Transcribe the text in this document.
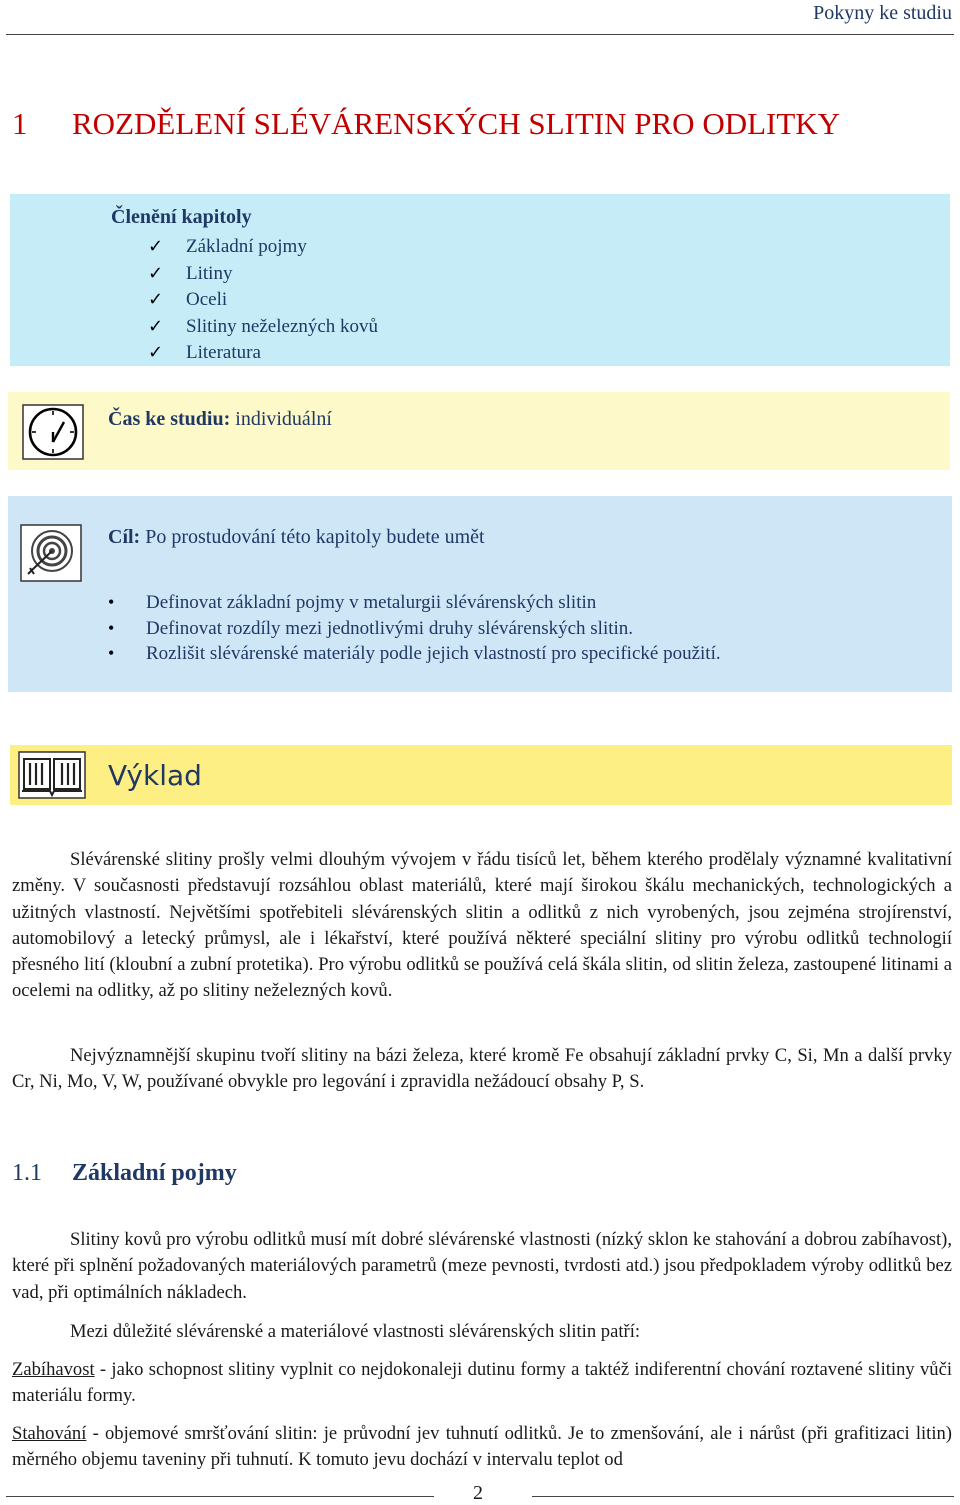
Pokyny ke studiu
1 ROZDĚLENÍ SLÉVÁRENSKÝCH SLITIN PRO ODLITKY
Členění kapitoly
✓ Základní pojmy
✓ Litiny
✓ Oceli
✓ Slitiny neželezných kovů
✓ Literatura
Čas ke studiu: individuální
Cíl: Po prostudování této kapitoly budete umět
• Definovat základní pojmy v metalurgii slévárenských slitin
• Definovat rozdíly mezi jednotlivými druhy slévárenských slitin.
• Rozlišit slévárenské materiály podle jejich vlastností pro specifické použití.
Výklad
Slévárenské slitiny prošly velmi dlouhým vývojem v řádu tisíců let, během kterého prodělaly významné kvalitativní změny. V současnosti představují rozsáhlou oblast materiálů, které mají širokou škálu mechanických, technologických a užitných vlastností. Největšími spotřebiteli slévárenských slitin a odlitků z nich vyrobených, jsou zejména strojírenství, automobilový a letecký průmysl, ale i lékařství, které používá některé speciální slitiny pro výrobu odlitků technologií přesného lití (kloubní a zubní protetika). Pro výrobu odlitků se používá celá škála slitin, od slitin železa, zastoupené litinami a ocelemi na odlitky, až po slitiny neželezných kovů.
Nejvýznamnější skupinu tvoří slitiny na bázi železa, které kromě Fe obsahují základní prvky C, Si, Mn a další prvky Cr, Ni, Mo, V, W, používané obvykle pro legování i zpravidla nežádoucí obsahy P, S.
1.1 Základní pojmy
Slitiny kovů pro výrobu odlitků musí mít dobré slévárenské vlastnosti (nízký sklon ke stahování a dobrou zabíhavost), které při splnění požadovaných materiálových parametrů (meze pevnosti, tvrdosti atd.) jsou předpokladem výroby odlitků bez vad, při optimálních nákladech.
Mezi důležité slévárenské a materiálové vlastnosti slévárenských slitin patří:
Zabíhavost - jako schopnost slitiny vyplnit co nejdokonaleji dutinu formy a taktéž indiferentní chování roztavené slitiny vůči materiálu formy.
Stahování - objemové smršťování slitin: je průvodní jev tuhnutí odlitků. Je to zmenšování, ale i nárůst (při grafitizaci litin) měrného objemu taveniny při tuhnutí. K tomuto jevu dochází v intervalu teplot od
2
